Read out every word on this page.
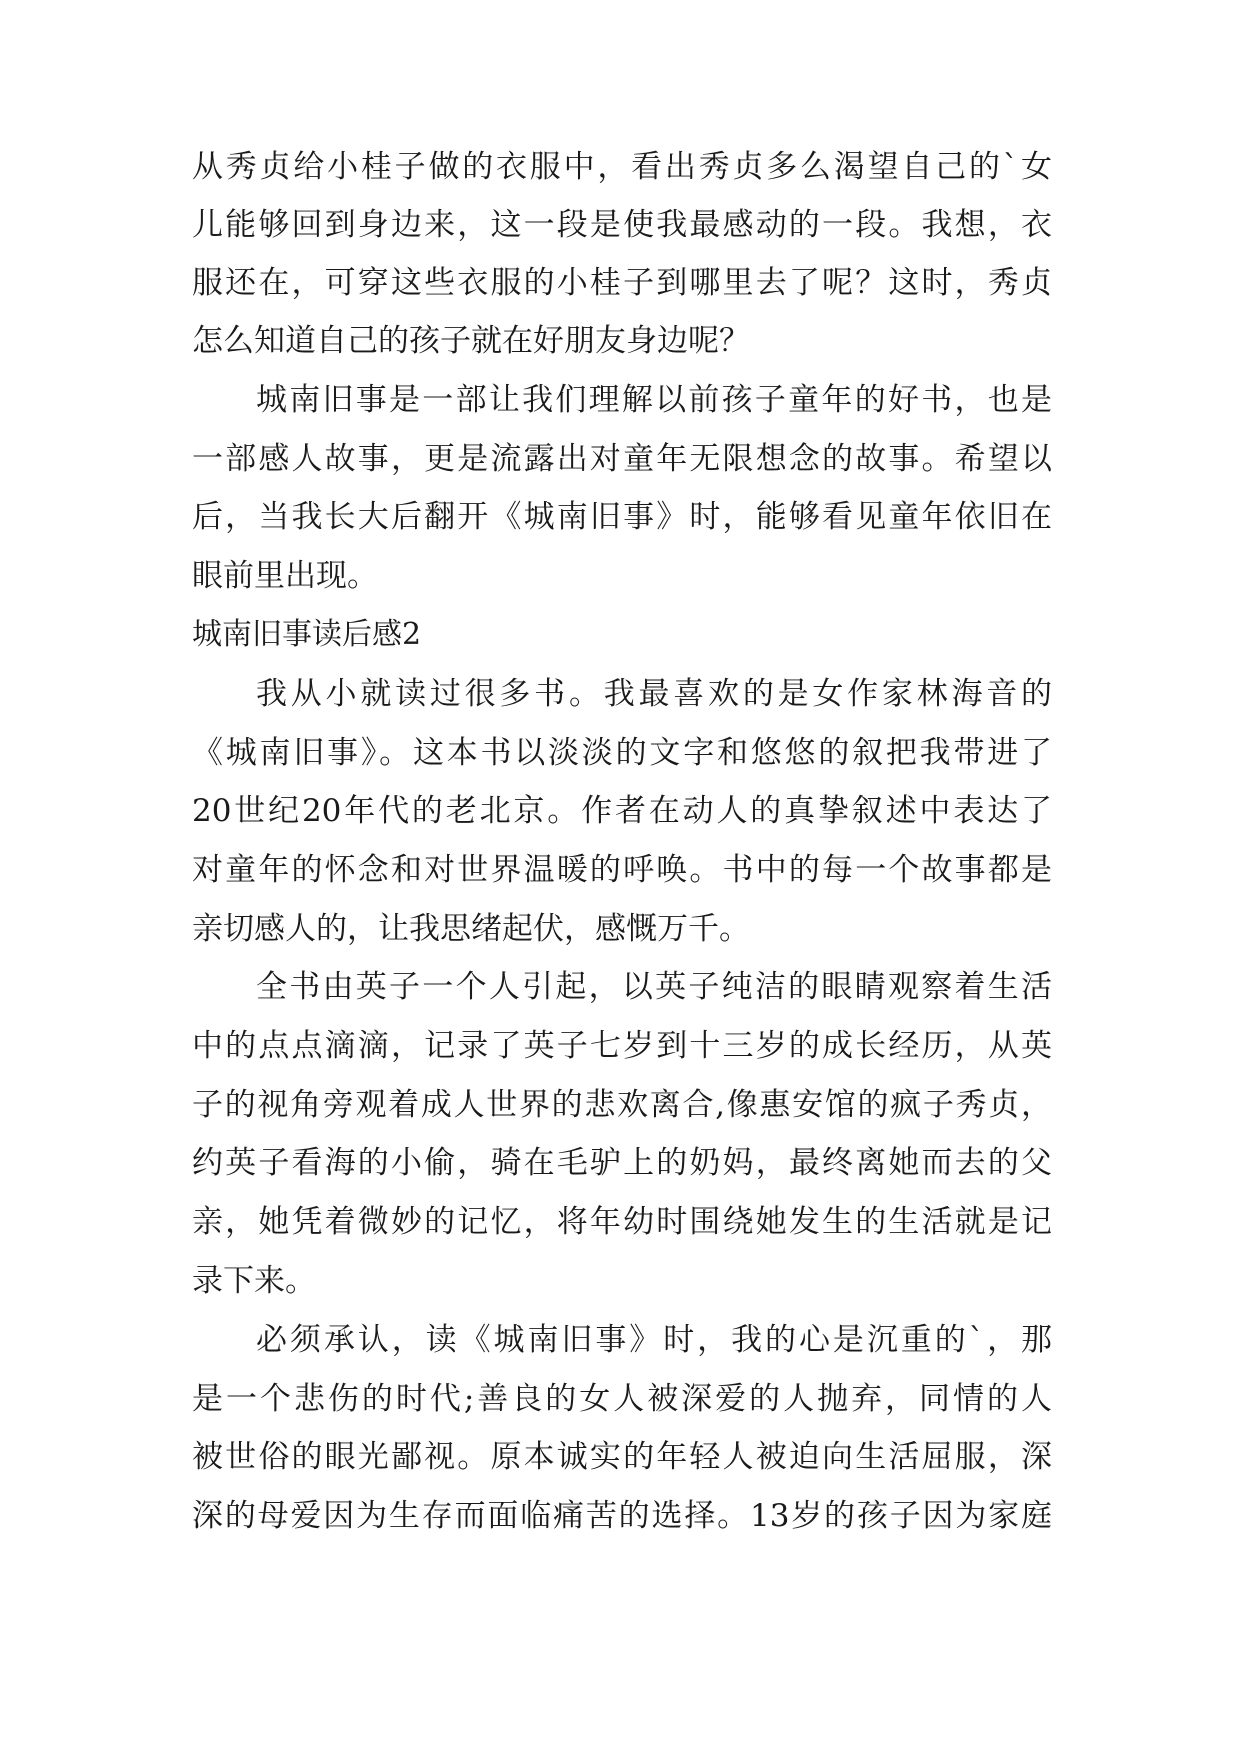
从秀贞给小桂子做的衣服中，看出秀贞多么渴望自己的`女
儿能够回到身边来，这一段是使我最感动的一段。我想，衣
服还在，可穿这些衣服的小桂子到哪里去了呢？这时，秀贞
怎么知道自己的孩子就在好朋友身边呢？
城南旧事是一部让我们理解以前孩子童年的好书，也是
一部感人故事，更是流露出对童年无限想念的故事。希望以
后，当我长大后翻开《城南旧事》时，能够看见童年依旧在
眼前里出现。
城南旧事读后感2
我从小就读过很多书。我最喜欢的是女作家林海音的
《城南旧事》。这本书以淡淡的文字和悠悠的叙把我带进了
20世纪20年代的老北京。作者在动人的真挚叙述中表达了
对童年的怀念和对世界温暖的呼唤。书中的每一个故事都是
亲切感人的，让我思绪起伏，感慨万千。
全书由英子一个人引起，以英子纯洁的眼睛观察着生活
中的点点滴滴，记录了英子七岁到十三岁的成长经历，从英
子的视角旁观着成人世界的悲欢离合,像惠安馆的疯子秀贞，
约英子看海的小偷，骑在毛驴上的奶妈，最终离她而去的父
亲，她凭着微妙的记忆，将年幼时围绕她发生的生活就是记
录下来。
必须承认，读《城南旧事》时，我的心是沉重的`，那
是一个悲伤的时代;善良的女人被深爱的人抛弃，同情的人
被世俗的眼光鄙视。原本诚实的年轻人被迫向生活屈服，深
深的母爱因为生存而面临痛苦的选择。13岁的孩子因为家庭
